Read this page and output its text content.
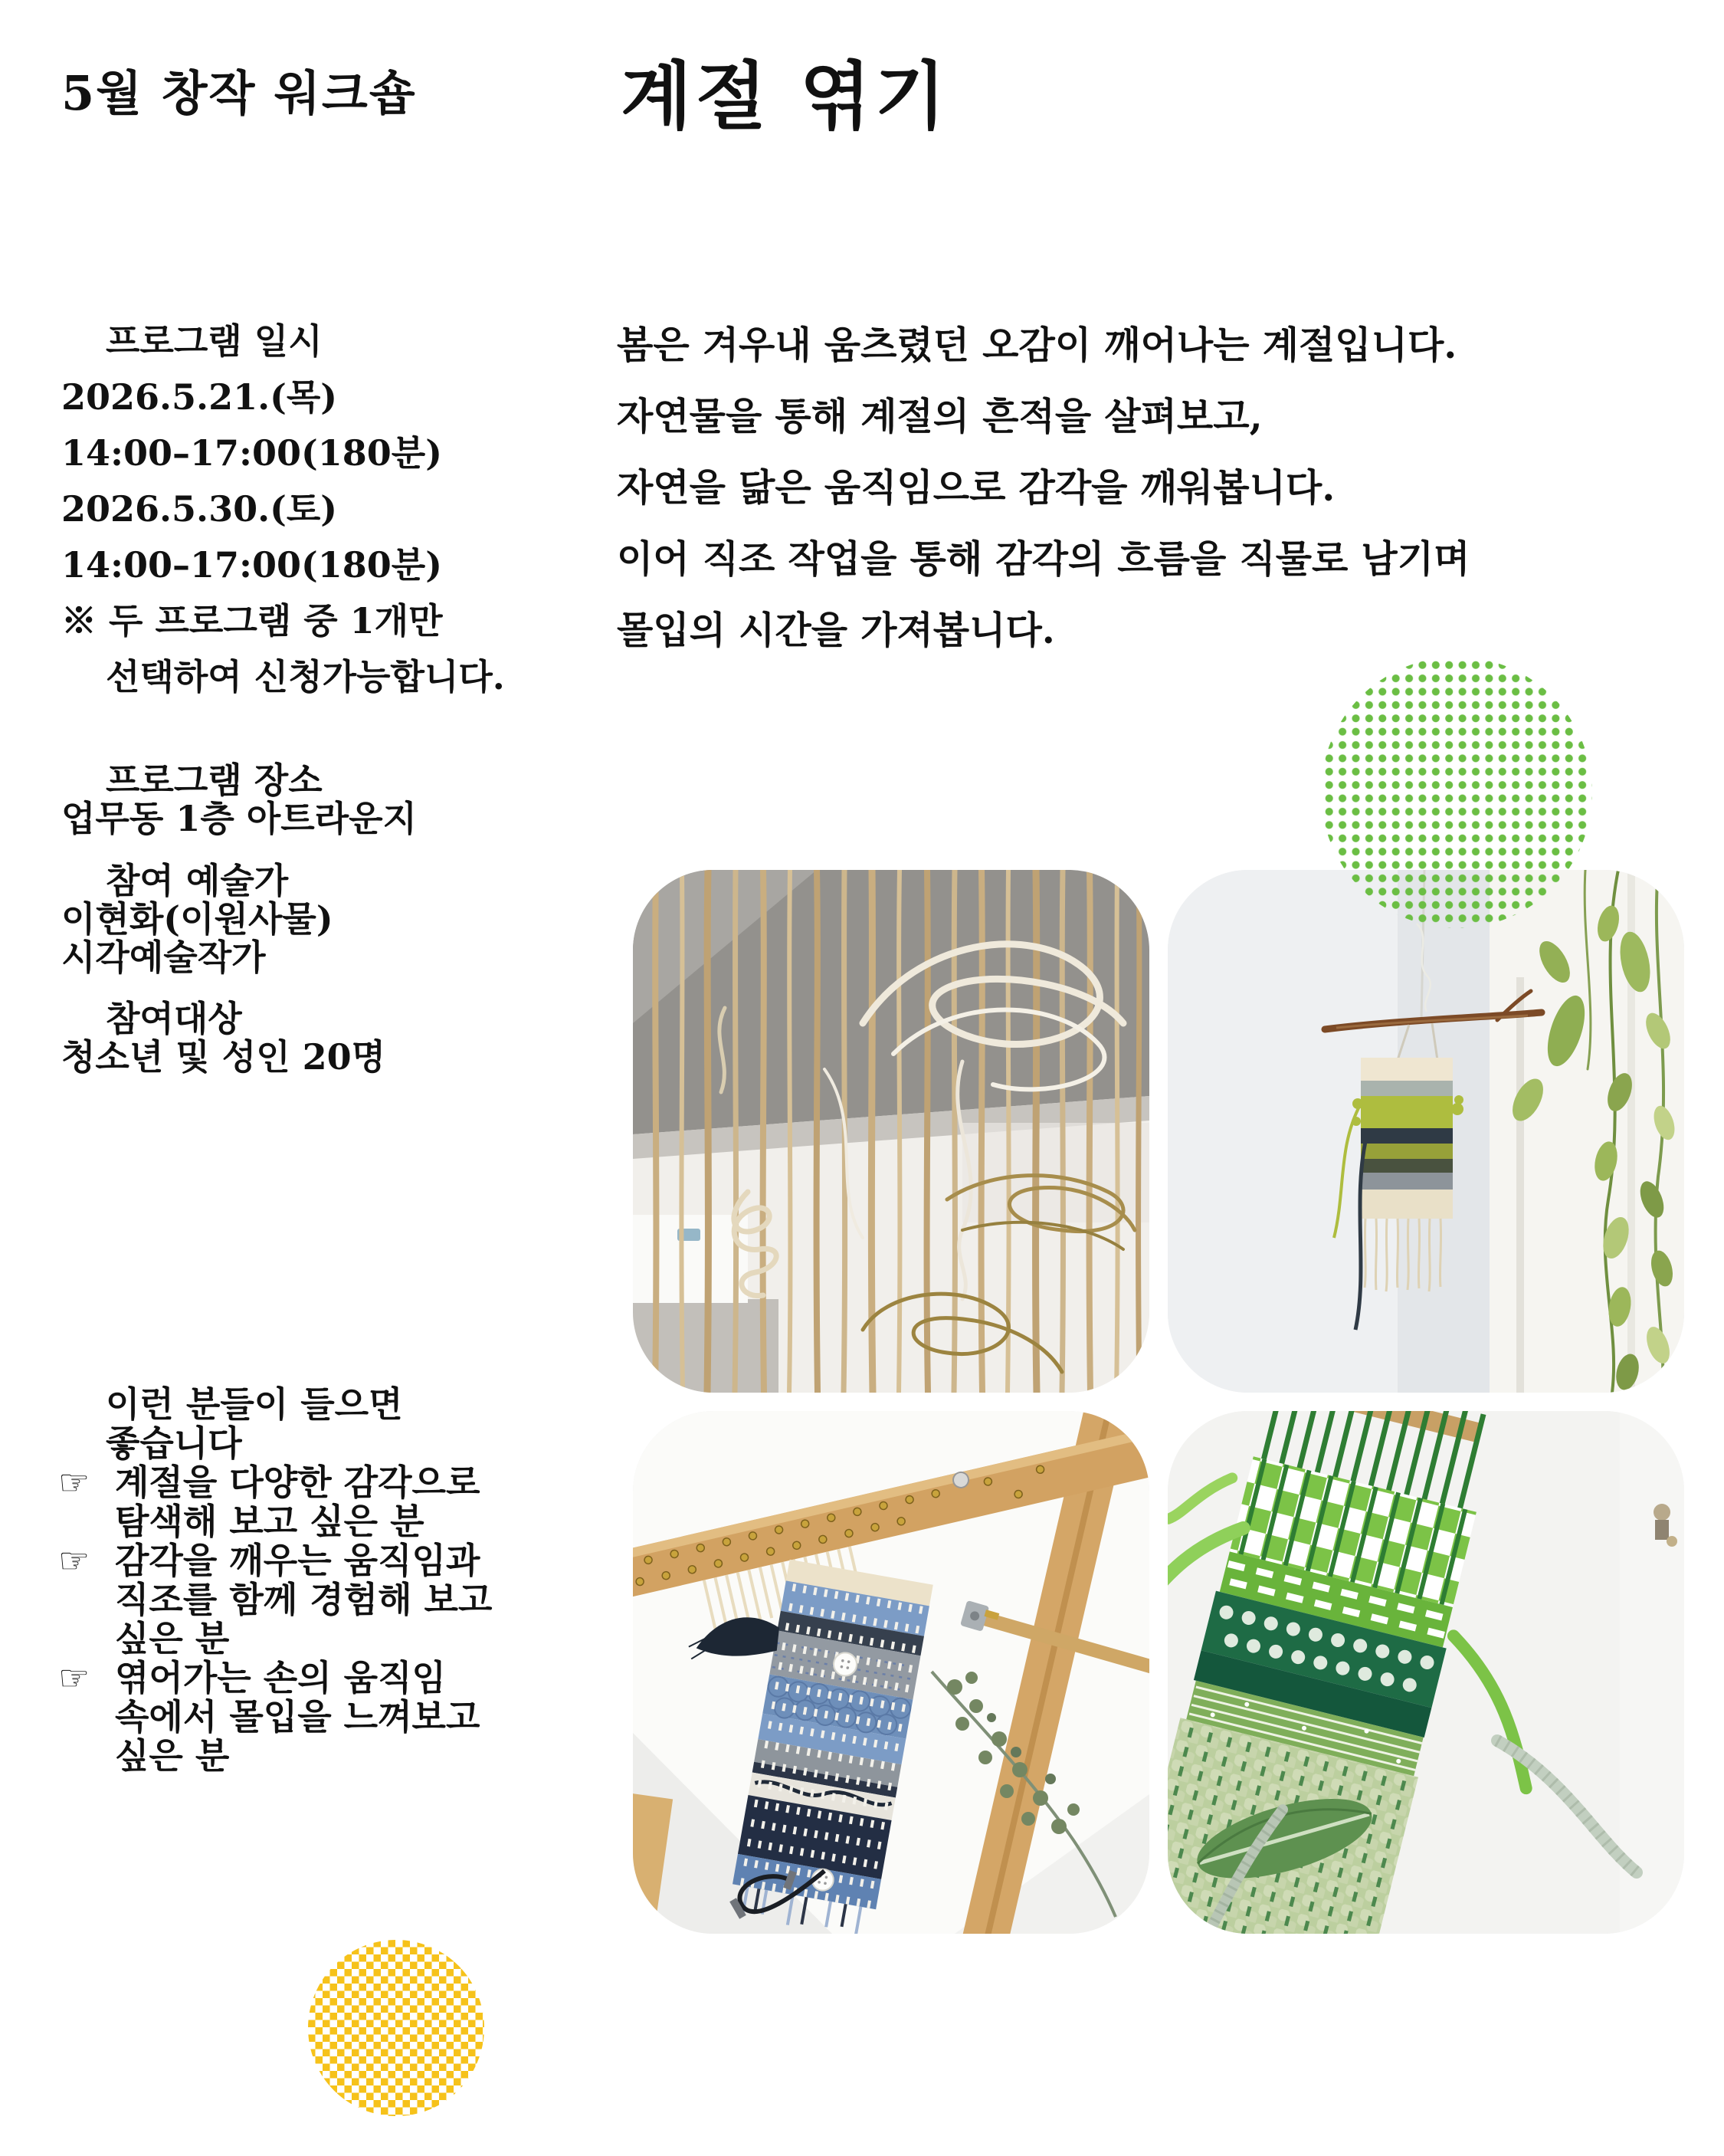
5월 창작 워크숍	계절 엮기
봄은 겨우내 움츠렸던 오감이 깨어나는 계절입니다.
자연물을 통해 계절의 흔적을 살펴보고,
자연을 닮은 움직임으로 감각을 깨워봅니다.
이어 직조 작업을 통해 감각의 흐름을 직물로 남기며
몰입의 시간을 가져봅니다.
프로그램 일시
2026.5.21.(목)
14:00–17:00(180분)
2026.5.30.(토)
14:00–17:00(180분)
※ 두 프로그램 중 1개만
선택하여 신청가능합니다.
프로그램 장소
업무동 1층 아트라운지
참여 예술가
이현화(이원사물)
시각예술작가
참여대상
청소년 및 성인 20명
이런 분들이 들으면
좋습니다
☞ 계절을 다양한 감각으로
탐색해 보고 싶은 분
☞ 감각을 깨우는 움직임과
직조를 함께 경험해 보고
싶은 분
☞ 엮어가는 손의 움직임
속에서 몰입을 느껴보고
싶은 분
